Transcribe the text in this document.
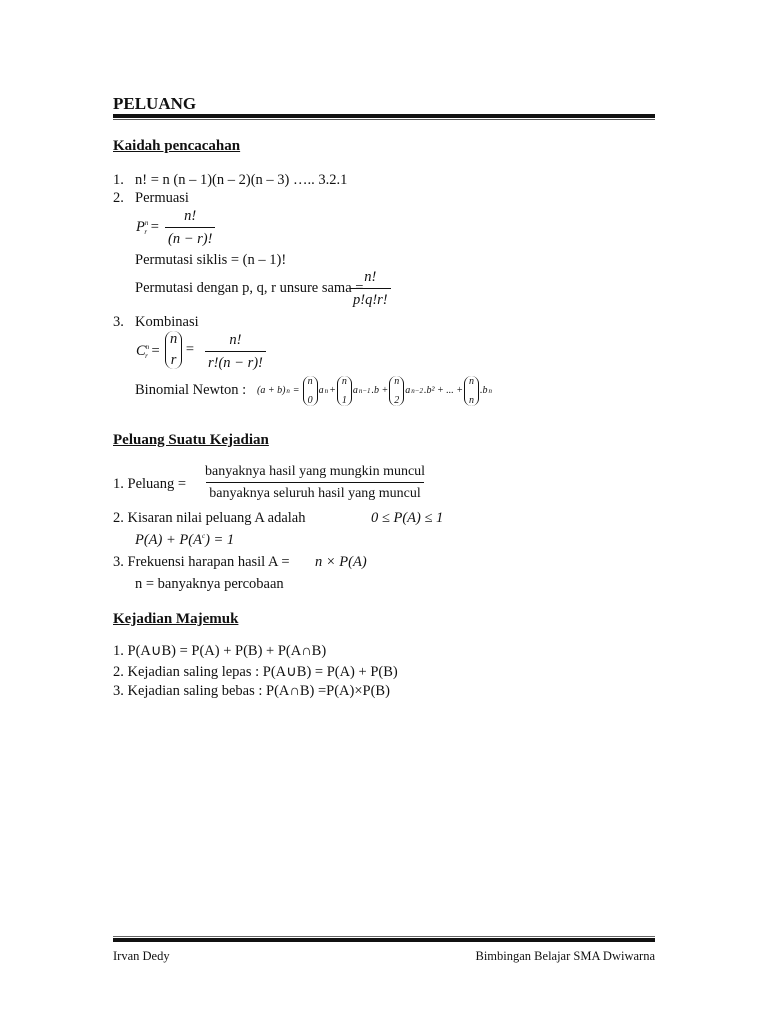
PELUANG
Kaidah pencacahan
1. n! = n (n – 1)(n – 2)(n – 3) ….. 3.2.1
2. Permuasi
$P^n_r = \frac{n!}{(n - r)!}$
Permutasi siklis = (n – 1)!
Permutasi dengan p, q, r unsure sama =
$\frac{n!}{p!q!r!}$
3. Kombinasi
$C^n_r$ =
n
r
= $\frac{n!}{r!(n - r)!}$
Binomial Newton : (a + b) n =
n
0
a n +
n
1
a n−1 .b +
n
2
a n−2 .b² + ... +
n
n
.b n
Peluang Suatu Kejadian
1. Peluang =
banyaknya hasil yang mungkin muncul
banyaknya seluruh hasil yang muncul
2. Kisaran nilai peluang A adalah	0 ≤ P(A) ≤ 1
$P(A) + P(A^c) = 1$
3. Frekuensi harapan hasil A = n × P(A)
n = banyaknya percobaan
Kejadian Majemuk
1. P(A∪B) = P(A) + P(B) + P(A∩B)
2. Kejadian saling lepas : P(A∪B) = P(A) + P(B)
3. Kejadian saling bebas : P(A∩B) =P(A)×P(B)
Irvan Dedy	Bimbingan Belajar SMA Dwiwarna
